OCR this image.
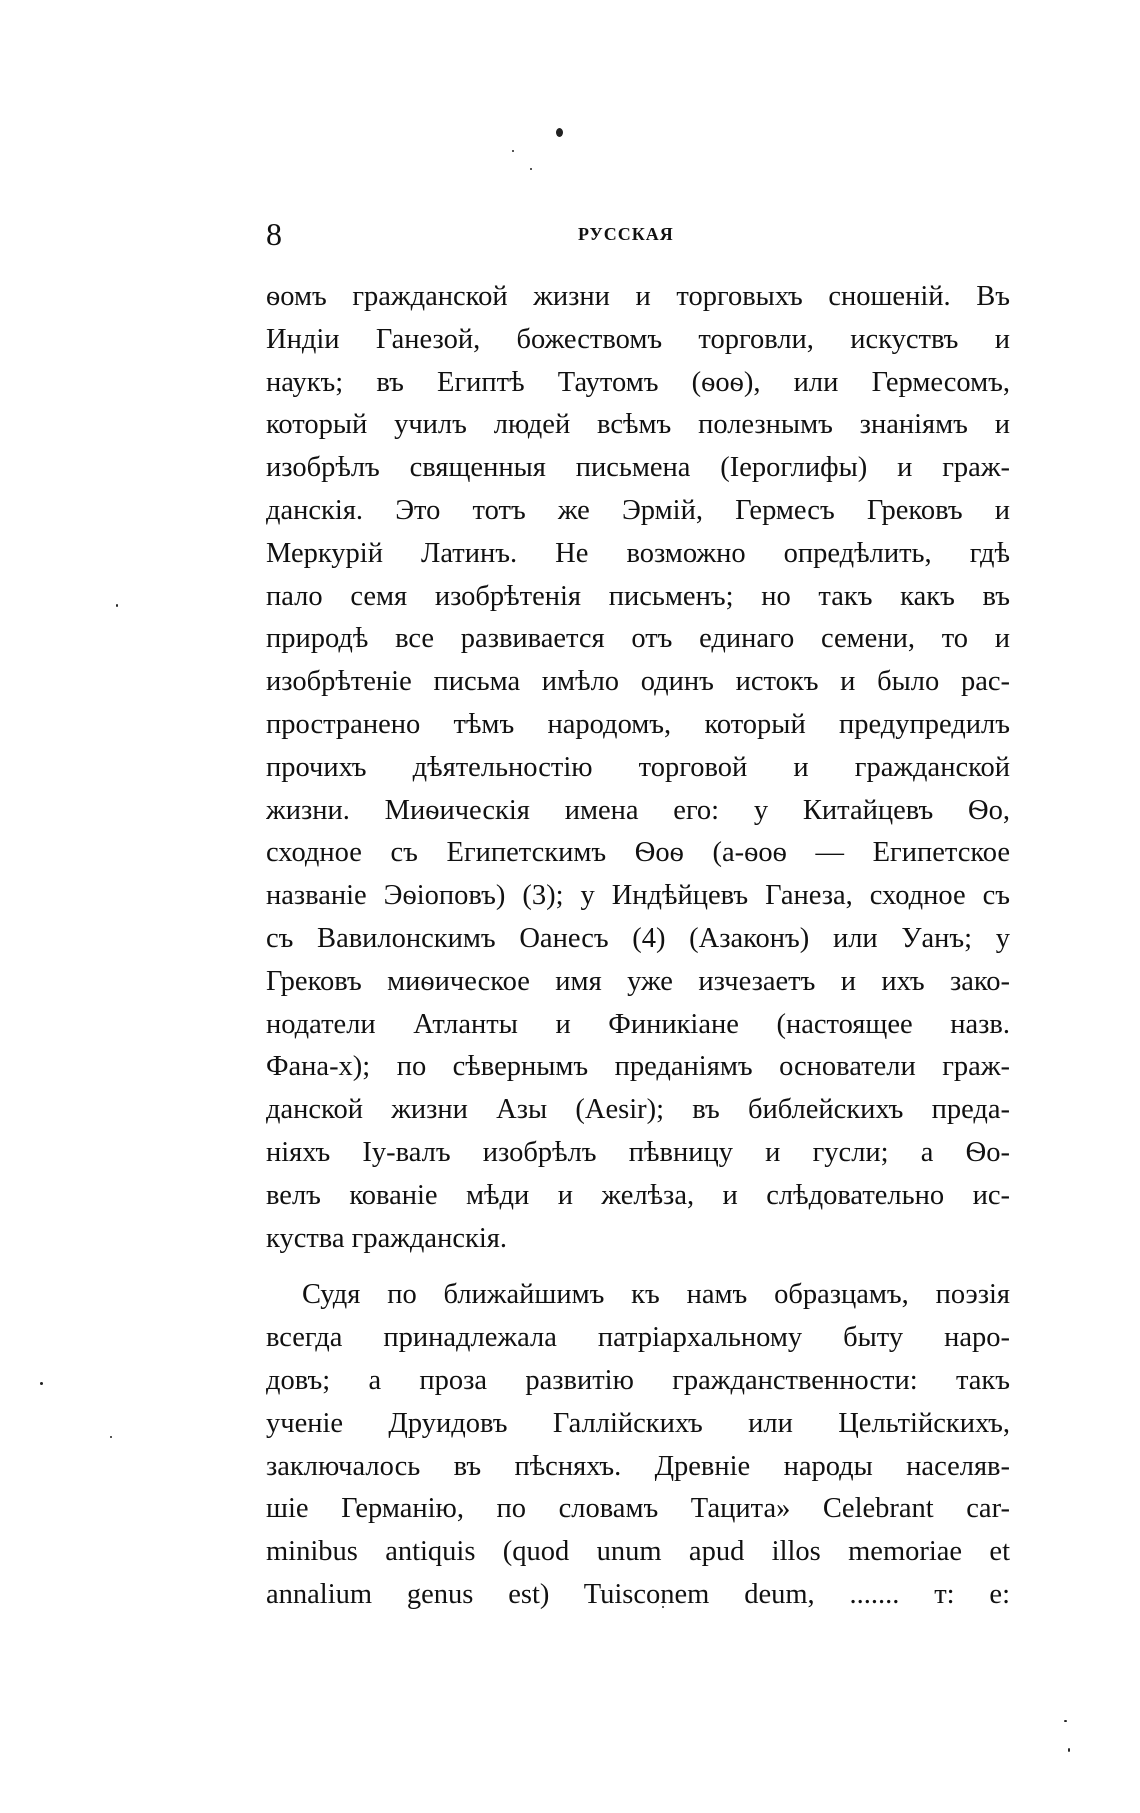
8	РУССКАЯ
ѳомъ гражданской жизни и торговыхъ сношеній. Въ
Индіи Ганезой, божествомъ торговли, искуствъ и
наукъ; въ Египтѣ Таутомъ (ѳоѳ), или Гермесомъ,
который училъ людей всѣмъ полезнымъ знаніямъ и
изобрѣлъ священныя письмена (Іероглифы) и граж-
данскія. Это тотъ же Эрмій, Гермесъ Грековъ и
Меркурій Латинъ. Не возможно опредѣлить, гдѣ
пало семя изобрѣтенія письменъ; но такъ какъ въ
природѣ все развивается отъ единаго семени, то и
изобрѣтеніе письма имѣло одинъ истокъ и было рас-
пространено тѣмъ народомъ, который предупредилъ
прочихъ дѣятельностію торговой и гражданской
жизни. Миѳическія имена его: у Китайцевъ Ѳо,
сходное съ Египетскимъ Ѳоѳ (а-ѳоѳ — Египетское
названіе Эѳіоповъ) (3); у Индѣйцевъ Ганеза, сходное съ
съ Вавилонскимъ Оанесъ (4) (Азаконъ) или Уанъ; у
Грековъ миѳическое имя уже изчезаетъ и ихъ зако-
нодатели Атланты и Финикіане (настоящее назв.
Фана-х); по сѣвернымъ преданіямъ основатели граж-
данской жизни Азы (Aesir); въ библейскихъ преда-
ніяхъ Іу-валъ изобрѣлъ пѣвницу и гусли; а Ѳо-
велъ кованіе мѣди и желѣза, и слѣдовательно ис-
куства гражданскія.
Судя по ближайшимъ къ намъ образцамъ, поэзія
всегда принадлежала патріархальному быту наро-
довъ; а проза развитію гражданственности: такъ
ученіе Друидовъ Галлійскихъ или Цельтійскихъ,
заключалось въ пѣсняхъ. Древніе народы населяв-
шіе Германію, по словамъ Тацита» Celebrant car-
minibus antiquis (quod unum apud illos memoriae et
annalium genus est) Tuisconem deum, ....... т: е:
